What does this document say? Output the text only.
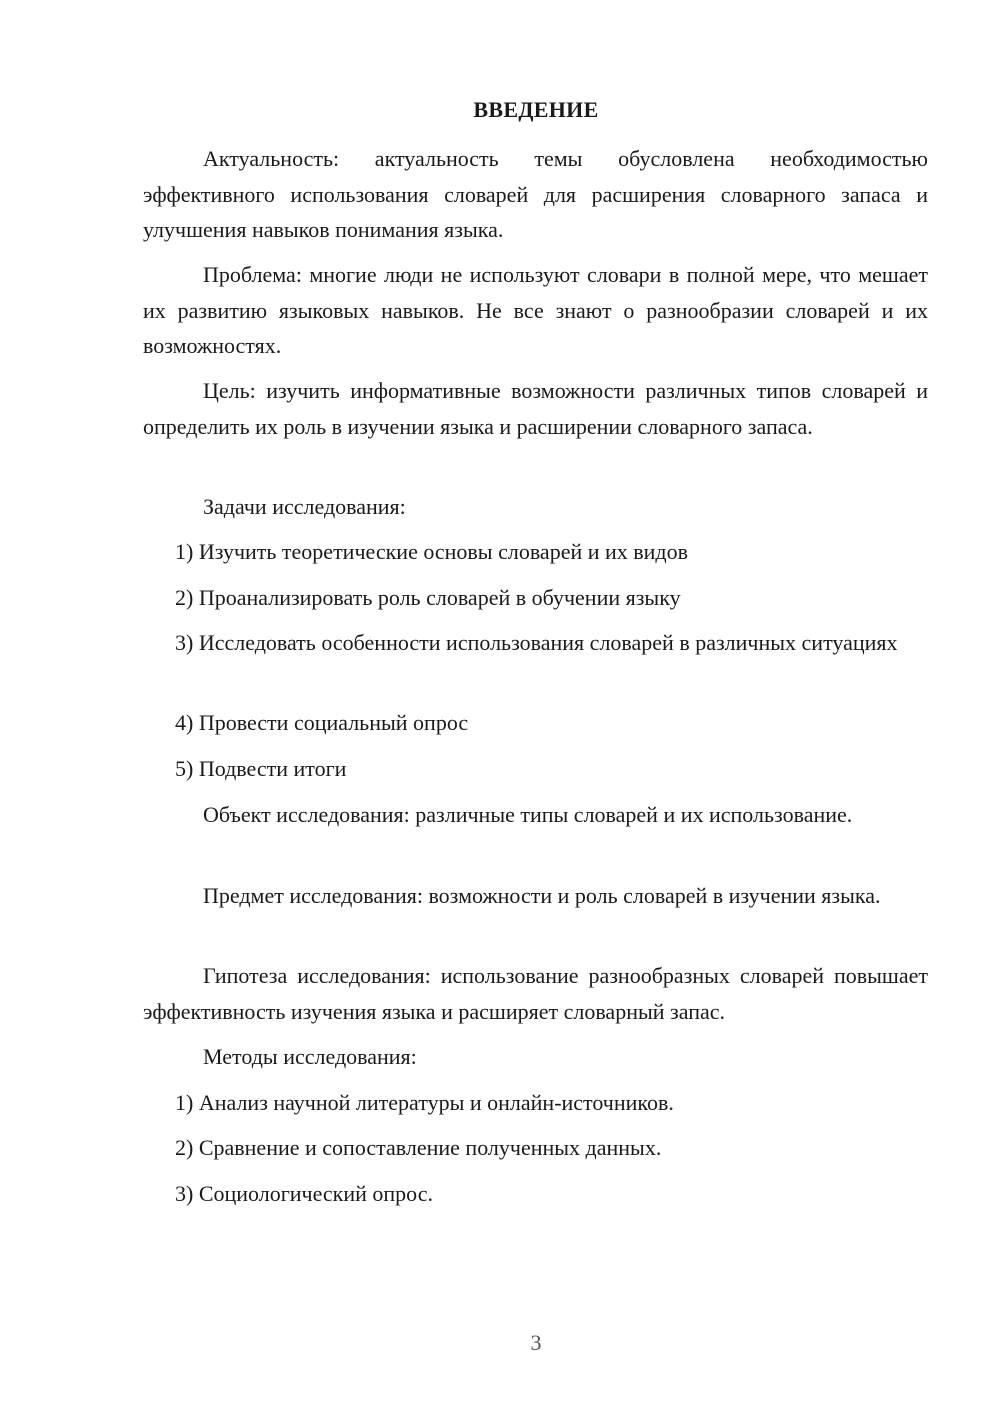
ВВЕДЕНИЕ

Актуальность: актуальность темы обусловлена необходимостью эффективного использования словарей для расширения словарного запаса и улучшения навыков понимания языка.

Проблема: многие люди не используют словари в полной мере, что мешает их развитию языковых навыков. Не все знают о разнообразии словарей и их возможностях.

Цель: изучить информативные возможности различных типов словарей и определить их роль в изучении языка и расширении словарного запаса.

Задачи исследования:

1) Изучить теоретические основы словарей и их видов

2) Проанализировать роль словарей в обучении языку

3) Исследовать особенности использования словарей в различных ситуациях

4) Провести социальный опрос

5) Подвести итоги

Объект исследования: различные типы словарей и их использование.

Предмет исследования: возможности и роль словарей в изучении языка.

Гипотеза исследования: использование разнообразных словарей повышает эффективность изучения языка и расширяет словарный запас.

Методы исследования:

1) Анализ научной литературы и онлайн-источников.

2) Сравнение и сопоставление полученных данных.

3) Социологический опрос.

3
